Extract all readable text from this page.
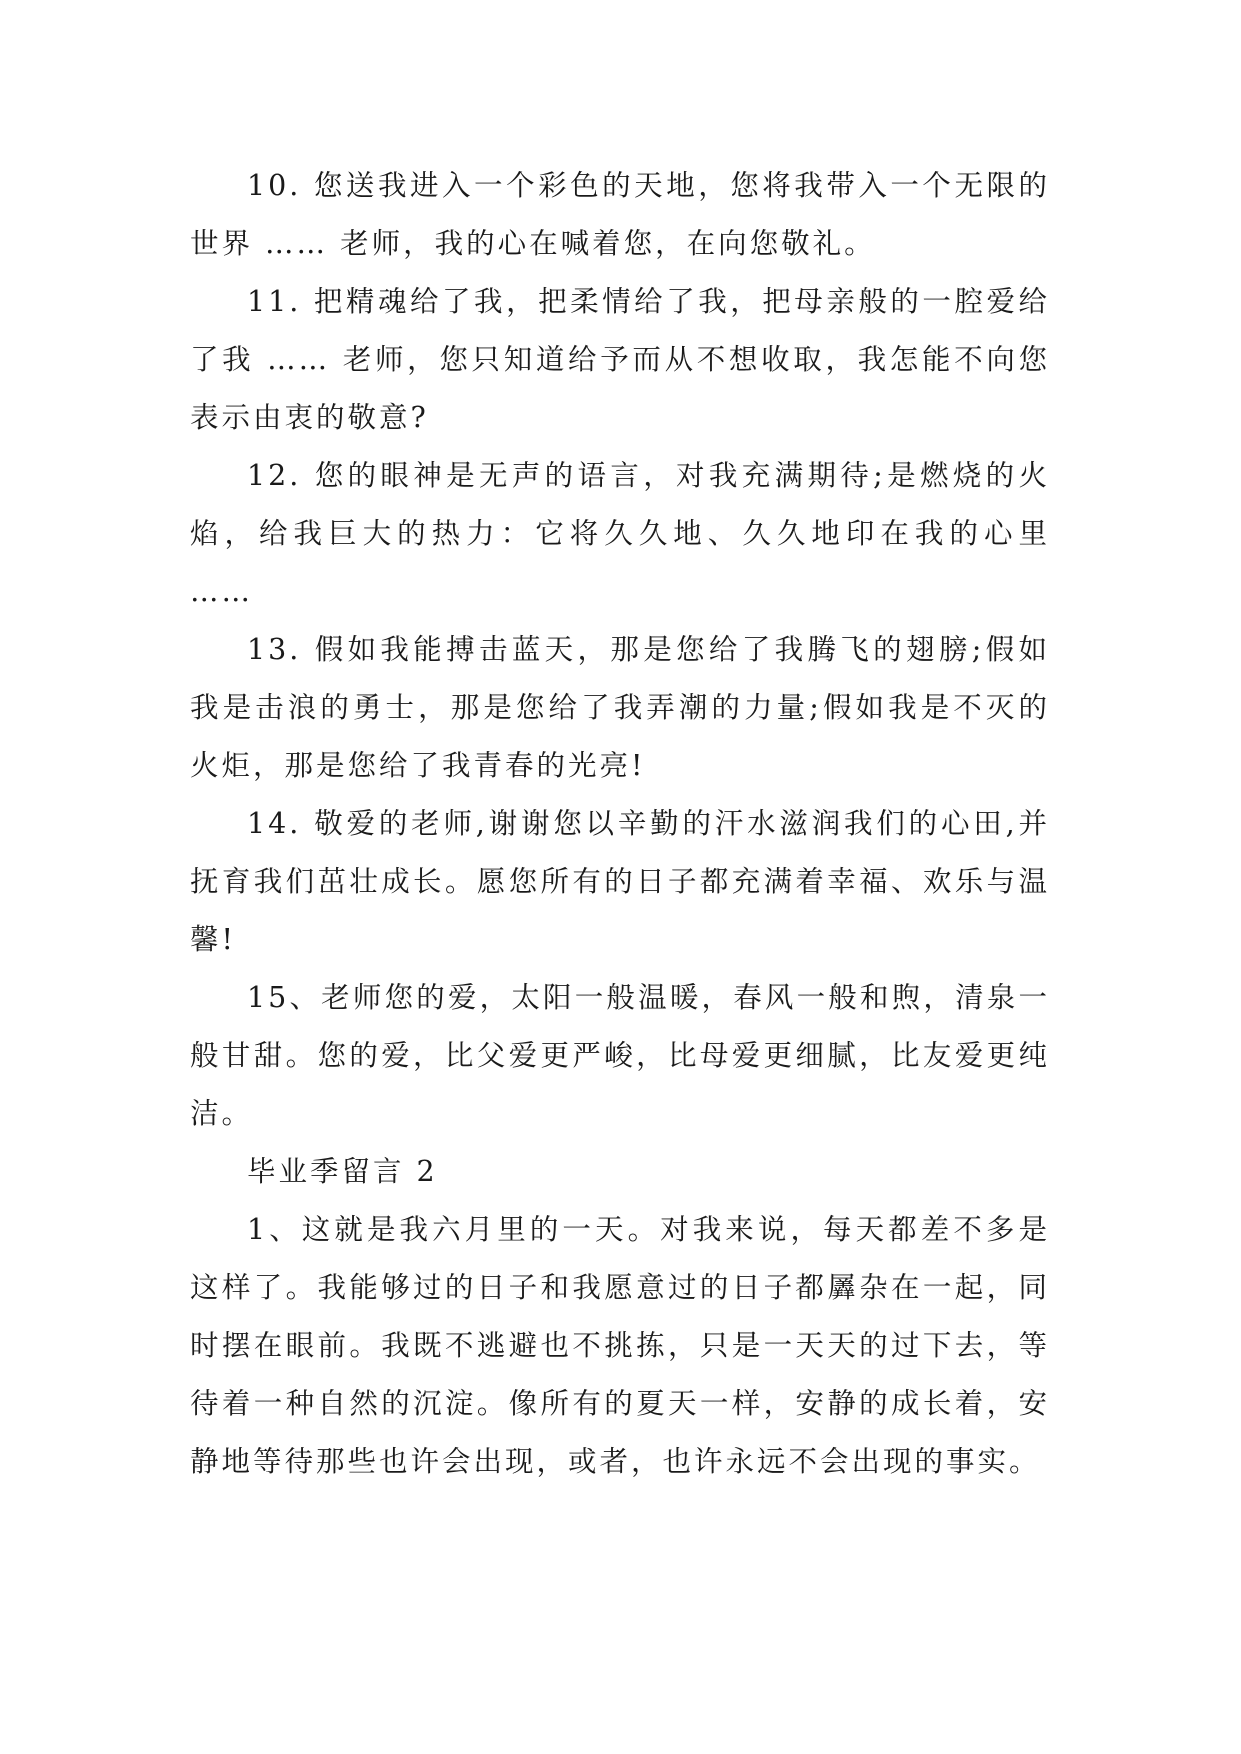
10. 您送我进入一个彩色的天地，您将我带入一个无限的世界 …… 老师，我的心在喊着您，在向您敬礼。

11. 把精魂给了我，把柔情给了我，把母亲般的一腔爱给了我 …… 老师，您只知道给予而从不想收取，我怎能不向您表示由衷的敬意?

12. 您的眼神是无声的语言，对我充满期待;是燃烧的火焰，给我巨大的热力：它将久久地、久久地印在我的心里 ……

13. 假如我能搏击蓝天，那是您给了我腾飞的翅膀;假如我是击浪的勇士，那是您给了我弄潮的力量;假如我是不灭的火炬，那是您给了我青春的光亮!

14. 敬爱的老师,谢谢您以辛勤的汗水滋润我们的心田,并抚育我们茁壮成长。愿您所有的日子都充满着幸福、欢乐与温馨!

15、老师您的爱，太阳一般温暖，春风一般和煦，清泉一般甘甜。您的爱，比父爱更严峻，比母爱更细腻，比友爱更纯洁。

毕业季留言 2

1、这就是我六月里的一天。对我来说，每天都差不多是这样了。我能够过的日子和我愿意过的日子都羼杂在一起，同时摆在眼前。我既不逃避也不挑拣，只是一天天的过下去，等待着一种自然的沉淀。像所有的夏天一样，安静的成长着，安静地等待那些也许会出现，或者，也许永远不会出现的事实。
